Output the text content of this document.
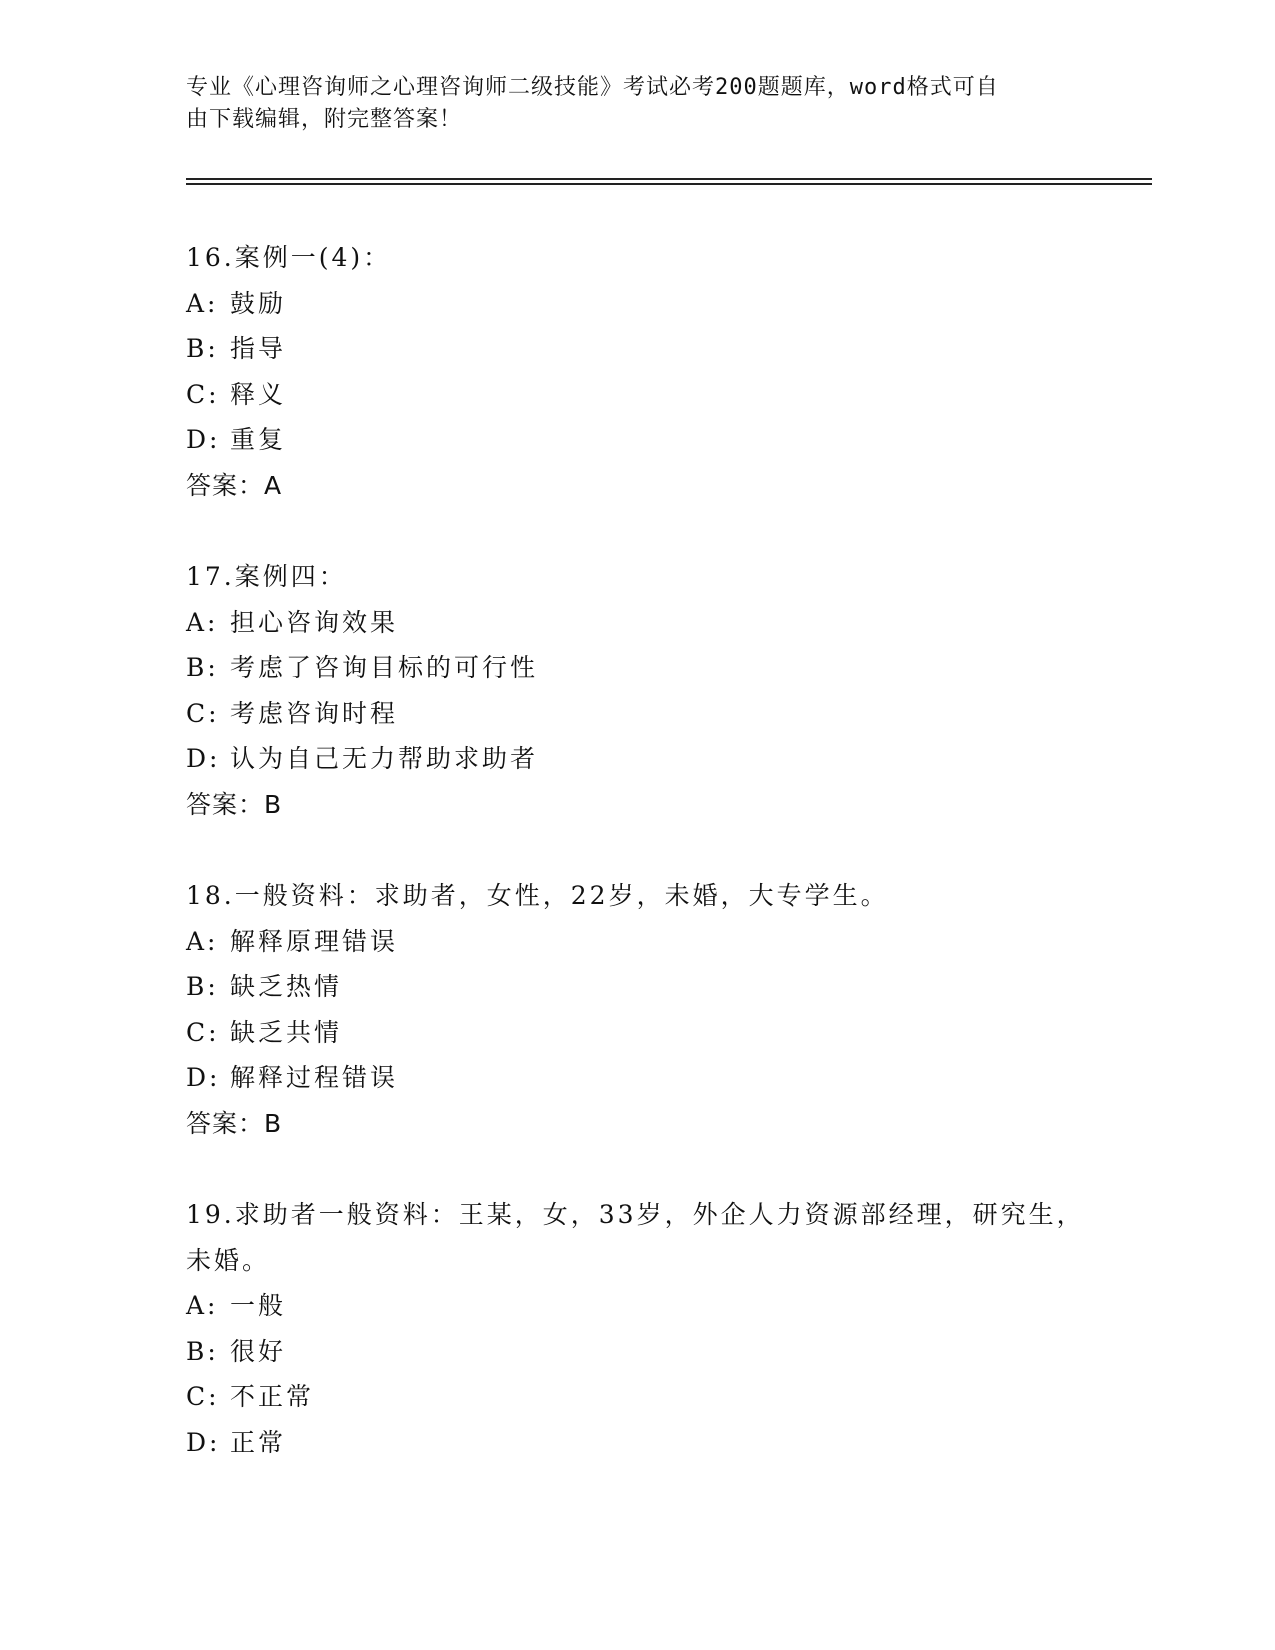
专业《心理咨询师之心理咨询师二级技能》考试必考200题题库，word格式可自
由下载编辑，附完整答案！
16.案例一(4)：
A: 鼓励
B: 指导
C: 释义
D: 重复
答案：A
17.案例四：
A: 担心咨询效果
B: 考虑了咨询目标的可行性
C: 考虑咨询时程
D: 认为自己无力帮助求助者
答案：B
18.一般资料：求助者，女性，22岁，未婚，大专学生。
A: 解释原理错误
B: 缺乏热情
C: 缺乏共情
D: 解释过程错误
答案：B
19.求助者一般资料：王某，女，33岁，外企人力资源部经理，研究生，未婚。
A: 一般
B: 很好
C: 不正常
D: 正常
